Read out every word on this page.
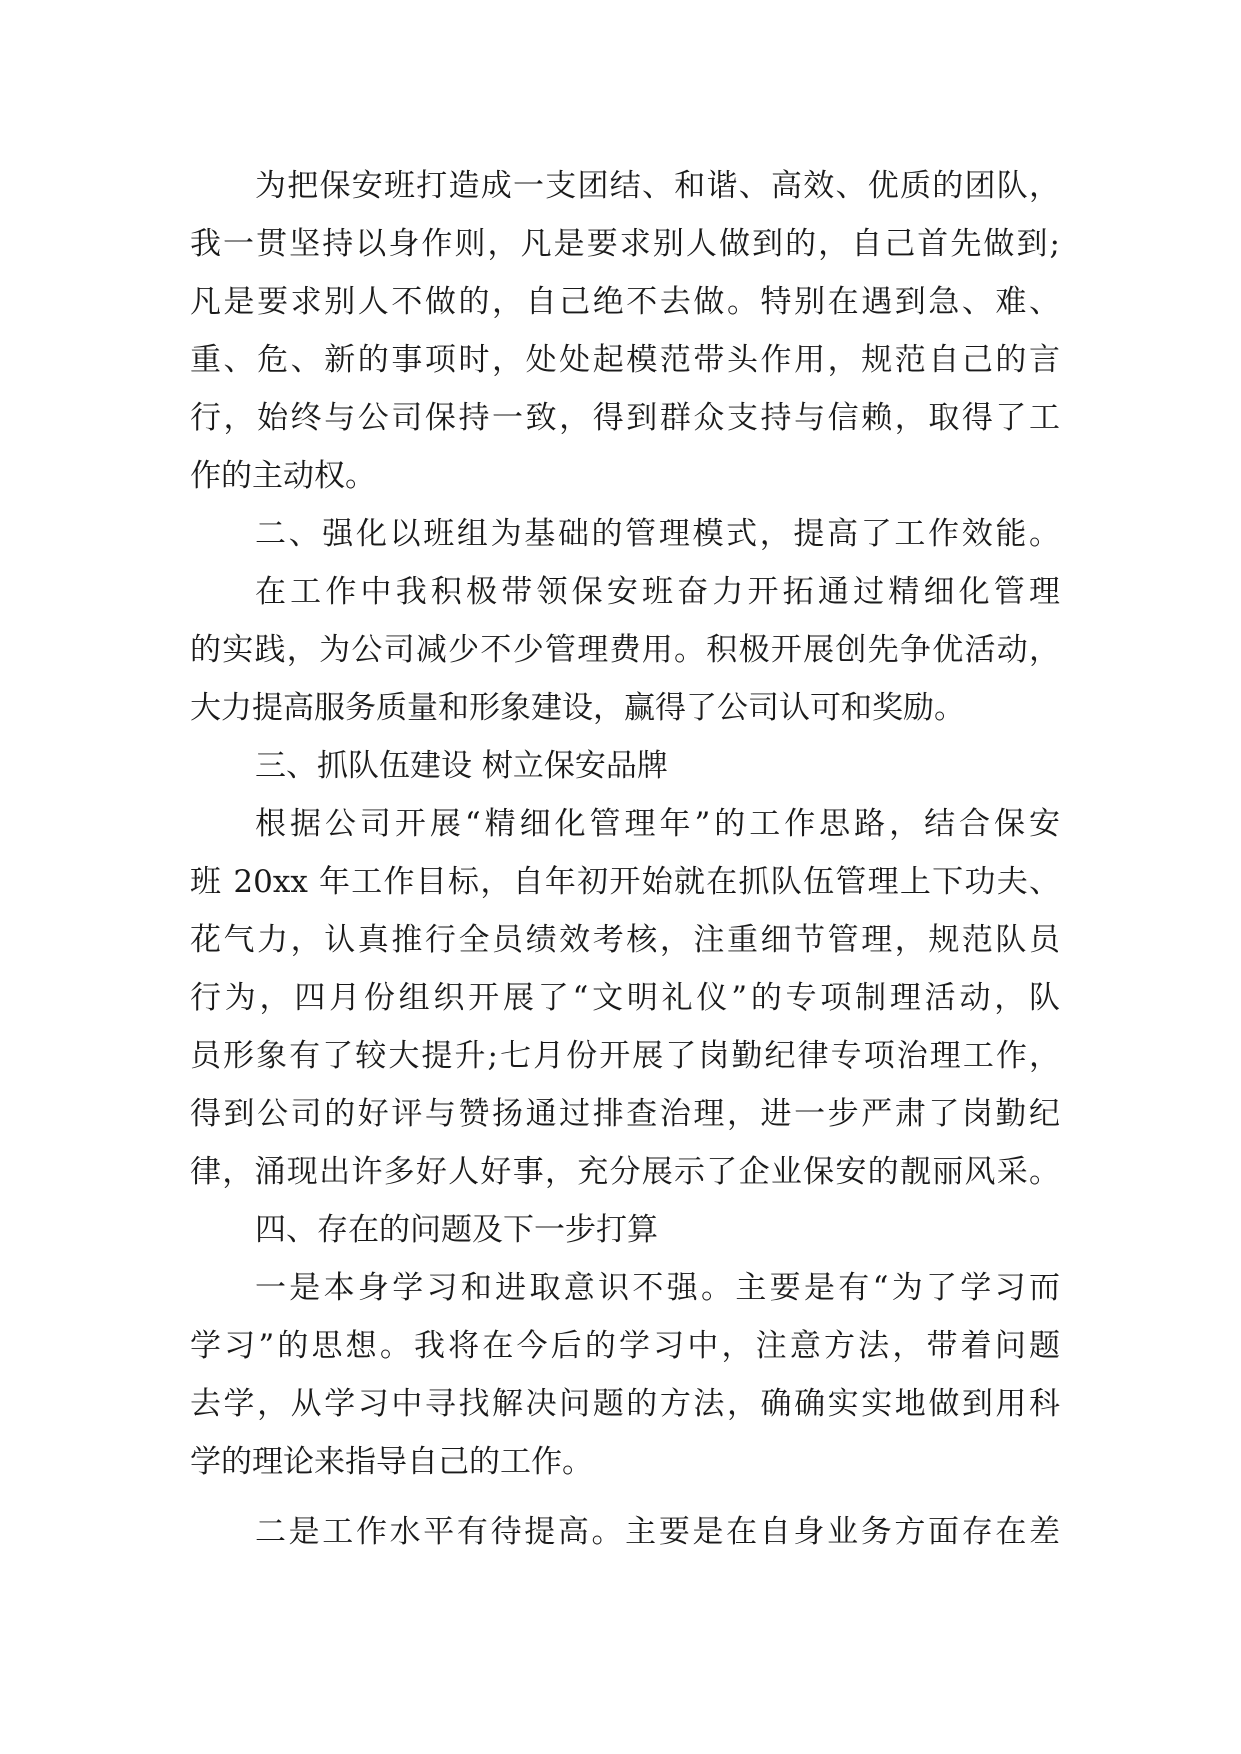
为把保安班打造成一支团结、和谐、高效、优质的团队，
我一贯坚持以身作则，凡是要求别人做到的，自己首先做到;
凡是要求别人不做的，自己绝不去做。特别在遇到急、难、
重、危、新的事项时，处处起模范带头作用，规范自己的言
行，始终与公司保持一致，得到群众支持与信赖，取得了工
作的主动权。
二、强化以班组为基础的管理模式，提高了工作效能。
在工作中我积极带领保安班奋力开拓通过精细化管理
的实践，为公司减少不少管理费用。积极开展创先争优活动，
大力提高服务质量和形象建设，赢得了公司认可和奖励。
三、抓队伍建设 树立保安品牌
根据公司开展“精细化管理年”的工作思路，结合保安
班 20xx 年工作目标，自年初开始就在抓队伍管理上下功夫、
花气力，认真推行全员绩效考核，注重细节管理，规范队员
行为，四月份组织开展了“文明礼仪”的专项制理活动，队
员形象有了较大提升;七月份开展了岗勤纪律专项治理工作，
得到公司的好评与赞扬通过排查治理，进一步严肃了岗勤纪
律，涌现出许多好人好事，充分展示了企业保安的靓丽风采。
四、存在的问题及下一步打算
一是本身学习和进取意识不强。主要是有“为了学习而
学习”的思想。我将在今后的学习中，注意方法，带着问题
去学，从学习中寻找解决问题的方法，确确实实地做到用科
学的理论来指导自己的工作。
二是工作水平有待提高。主要是在自身业务方面存在差
